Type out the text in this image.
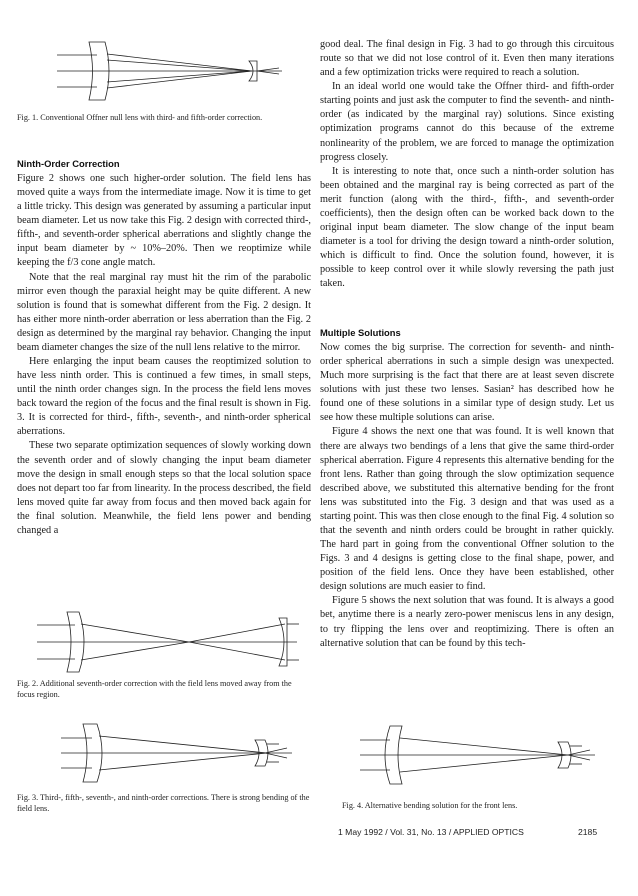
Fig. 1. Conventional Offner null lens with third- and fifth-order correction.
Ninth-Order Correction

Figure 2 shows one such higher-order solution. The field lens has moved quite a ways from the intermediate image. Now it is time to get a little tricky. This design was generated by assuming a particular input beam diameter. Let us now take this Fig. 2 design with corrected third-, fifth-, and seventh-order spherical aberrations and slightly change the input beam diameter by ~ 10%–20%. Then we reoptimize while keeping the f/3 cone angle match.

Note that the real marginal ray must hit the rim of the parabolic mirror even though the paraxial height may be quite different. A new solution is found that is somewhat different from the Fig. 2 design. It has either more ninth-order aberration or less aberration than the Fig. 2 design as determined by the marginal ray behavior. Changing the input beam diameter changes the size of the null lens relative to the mirror.

Here enlarging the input beam causes the reoptimized solution to have less ninth order. This is continued a few times, in small steps, until the ninth order changes sign. In the process the field lens moves back toward the region of the focus and the final result is shown in Fig. 3. It is corrected for third-, fifth-, seventh-, and ninth-order spherical aberrations.

These two separate optimization sequences of slowly working down the seventh order and of slowly changing the input beam diameter move the design in small enough steps so that the local solution space does not depart too far from linearity. In the process described, the field lens moved quite far away from focus and then moved back again for the final solution. Meanwhile, the field lens power and bending changed a

Fig. 2. Additional seventh-order correction with the field lens moved away from the focus region.
Fig. 3. Third-, fifth-, seventh-, and ninth-order corrections. There is strong bending of the field lens.

good deal. The final design in Fig. 3 had to go through this circuitous route so that we did not lose control of it. Even then many iterations and a few optimization tricks were required to reach a solution.

In an ideal world one would take the Offner third- and fifth-order starting points and just ask the computer to find the seventh- and ninth-order (as indicated by the marginal ray) solutions. Since existing optimization programs cannot do this because of the extreme nonlinearity of the problem, we are forced to manage the optimization progress closely.

It is interesting to note that, once such a ninth-order solution has been obtained and the marginal ray is being corrected as part of the merit function (along with the third-, fifth-, and seventh-order coefficients), then the design often can be worked back down to the original input beam diameter. The slow change of the input beam diameter is a tool for driving the design toward a ninth-order solution, which is difficult to find. Once the solution found, however, it is possible to keep control over it while slowly reversing the path just taken.

Multiple Solutions

Now comes the big surprise. The correction for seventh- and ninth-order spherical aberrations in such a simple design was unexpected. Much more surprising is the fact that there are at least seven discrete solutions with just these two lenses. Sasian² has described how he found one of these solutions in a similar type of design study. Let us see how these multiple solutions can arise.

Figure 4 shows the next one that was found. It is well known that there are always two bendings of a lens that give the same third-order spherical aberration. Figure 4 represents this alternative bending for the front lens. Rather than going through the slow optimization sequence described above, we substituted this alternative bending for the front lens was substituted into the Fig. 3 design and that was used as a starting point. This was then close enough to the final Fig. 4 solution so that the seventh and ninth orders could be brought in rather quickly. The hard part in going from the conventional Offner solution to the Figs. 3 and 4 designs is getting close to the final shape, power, and position of the field lens. Once they have been established, other design solutions are much easier to find.

Figure 5 shows the next solution that was found. It is always a good bet, anytime there is a nearly zero-power meniscus lens in any design, to try flipping the lens over and reoptimizing. There is often an alternative solution that can be found by this tech-

Fig. 4. Alternative bending solution for the front lens.
1 May 1992 / Vol. 31, No. 13 / APPLIED OPTICS	2185
